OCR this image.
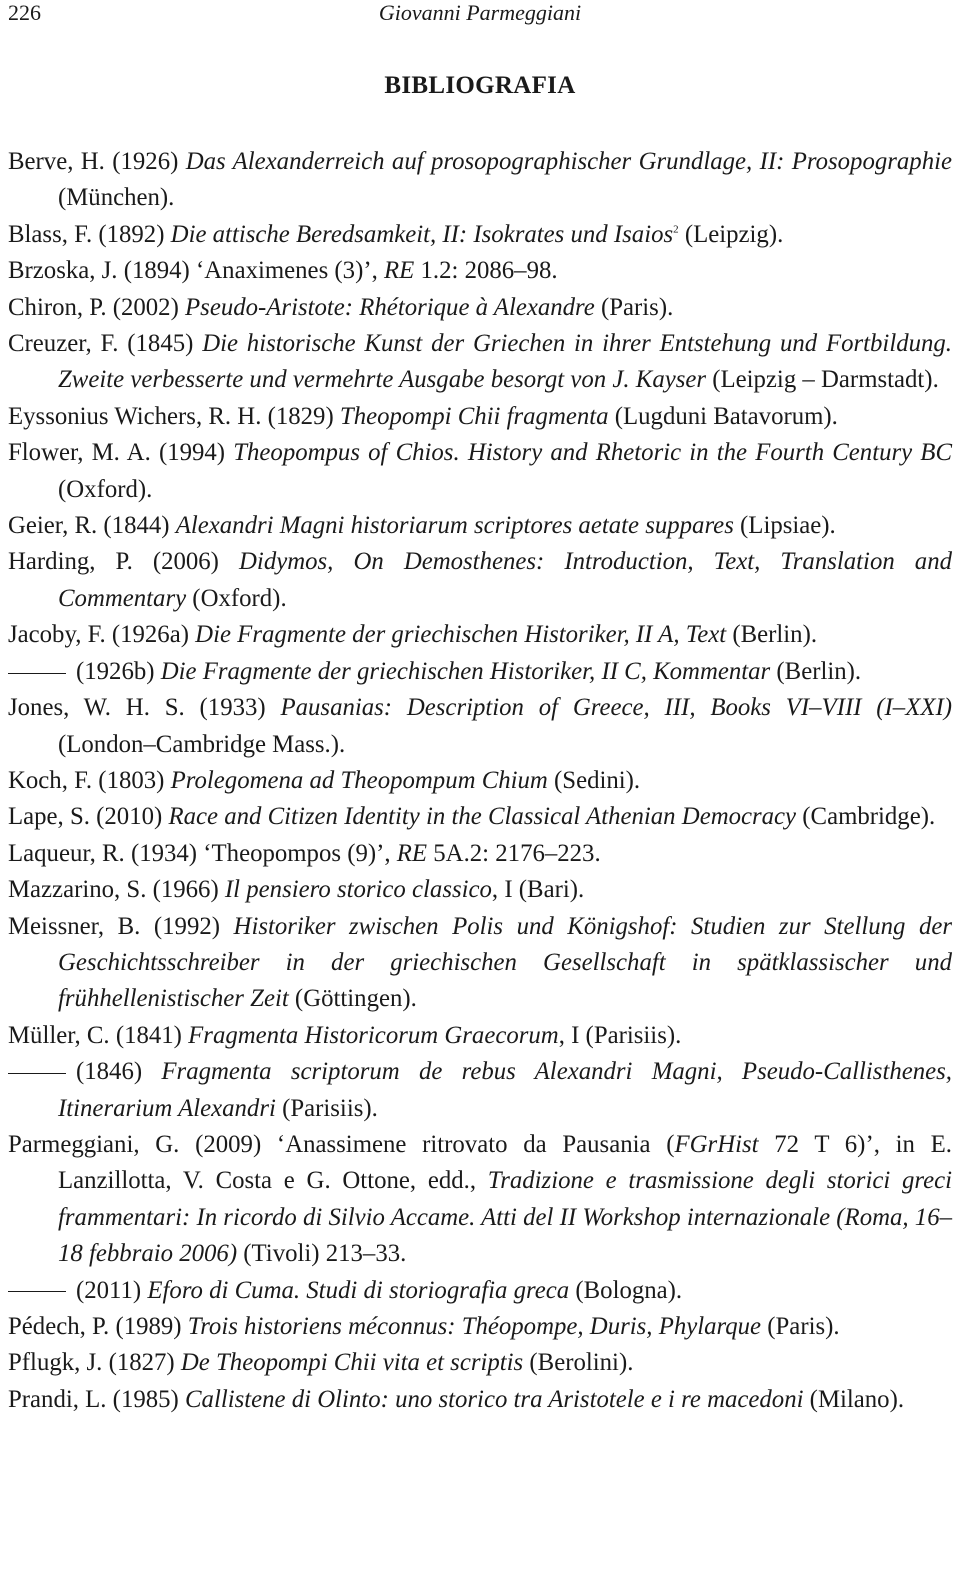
226	Giovanni Parmeggiani
BIBLIOGRAFIA
Berve, H. (1926) Das Alexanderreich auf prosopographischer Grundlage, II: Prosopographie (München).
Blass, F. (1892) Die attische Beredsamkeit, II: Isokrates und Isaios$^2$ (Leipzig).
Brzoska, J. (1894) ‘Anaximenes (3)’, RE 1.2: 2086–98.
Chiron, P. (2002) Pseudo-Aristote: Rhétorique à Alexandre (Paris).
Creuzer, F. (1845) Die historische Kunst der Griechen in ihrer Entstehung und Fortbildung. Zweite verbesserte und vermehrte Ausgabe besorgt von J. Kayser (Leipzig – Darmstadt).
Eyssonius Wichers, R. H. (1829) Theopompi Chii fragmenta (Lugduni Batavorum).
Flower, M. A. (1994) Theopompus of Chios. History and Rhetoric in the Fourth Century BC (Oxford).
Geier, R. (1844) Alexandri Magni historiarum scriptores aetate suppares (Lipsiae).
Harding, P. (2006) Didymos, On Demosthenes: Introduction, Text, Translation and Commentary (Oxford).
Jacoby, F. (1926a) Die Fragmente der griechischen Historiker, II A, Text (Berlin).
(1926b) Die Fragmente der griechischen Historiker, II C, Kommentar (Berlin).
Jones, W. H. S. (1933) Pausanias: Description of Greece, III, Books VI–VIII (I–XXI) (London–Cambridge Mass.).
Koch, F. (1803) Prolegomena ad Theopompum Chium (Sedini).
Lape, S. (2010) Race and Citizen Identity in the Classical Athenian Democracy (Cambridge).
Laqueur, R. (1934) ‘Theopompos (9)’, RE 5A.2: 2176–223.
Mazzarino, S. (1966) Il pensiero storico classico, I (Bari).
Meissner, B. (1992) Historiker zwischen Polis und Königshof: Studien zur Stellung der Geschichtsschreiber in der griechischen Gesellschaft in spätklassischer und frühhellenistischer Zeit (Göttingen).
Müller, C. (1841) Fragmenta Historicorum Graecorum, I (Parisiis).
(1846) Fragmenta scriptorum de rebus Alexandri Magni, Pseudo-Callisthenes, Itinerarium Alexandri (Parisiis).
Parmeggiani, G. (2009) ‘Anassimene ritrovato da Pausania (FGrHist 72 T 6)’, in E. Lanzillotta, V. Costa e G. Ottone, edd., Tradizione e trasmissione degli storici greci frammentari: In ricordo di Silvio Accame. Atti del II Workshop internazionale (Roma, 16–18 febbraio 2006) (Tivoli) 213–33.
(2011) Eforo di Cuma. Studi di storiografia greca (Bologna).
Pédech, P. (1989) Trois historiens méconnus: Théopompe, Duris, Phylarque (Paris).
Pflugk, J. (1827) De Theopompi Chii vita et scriptis (Berolini).
Prandi, L. (1985) Callistene di Olinto: uno storico tra Aristotele e i re macedoni (Milano).
